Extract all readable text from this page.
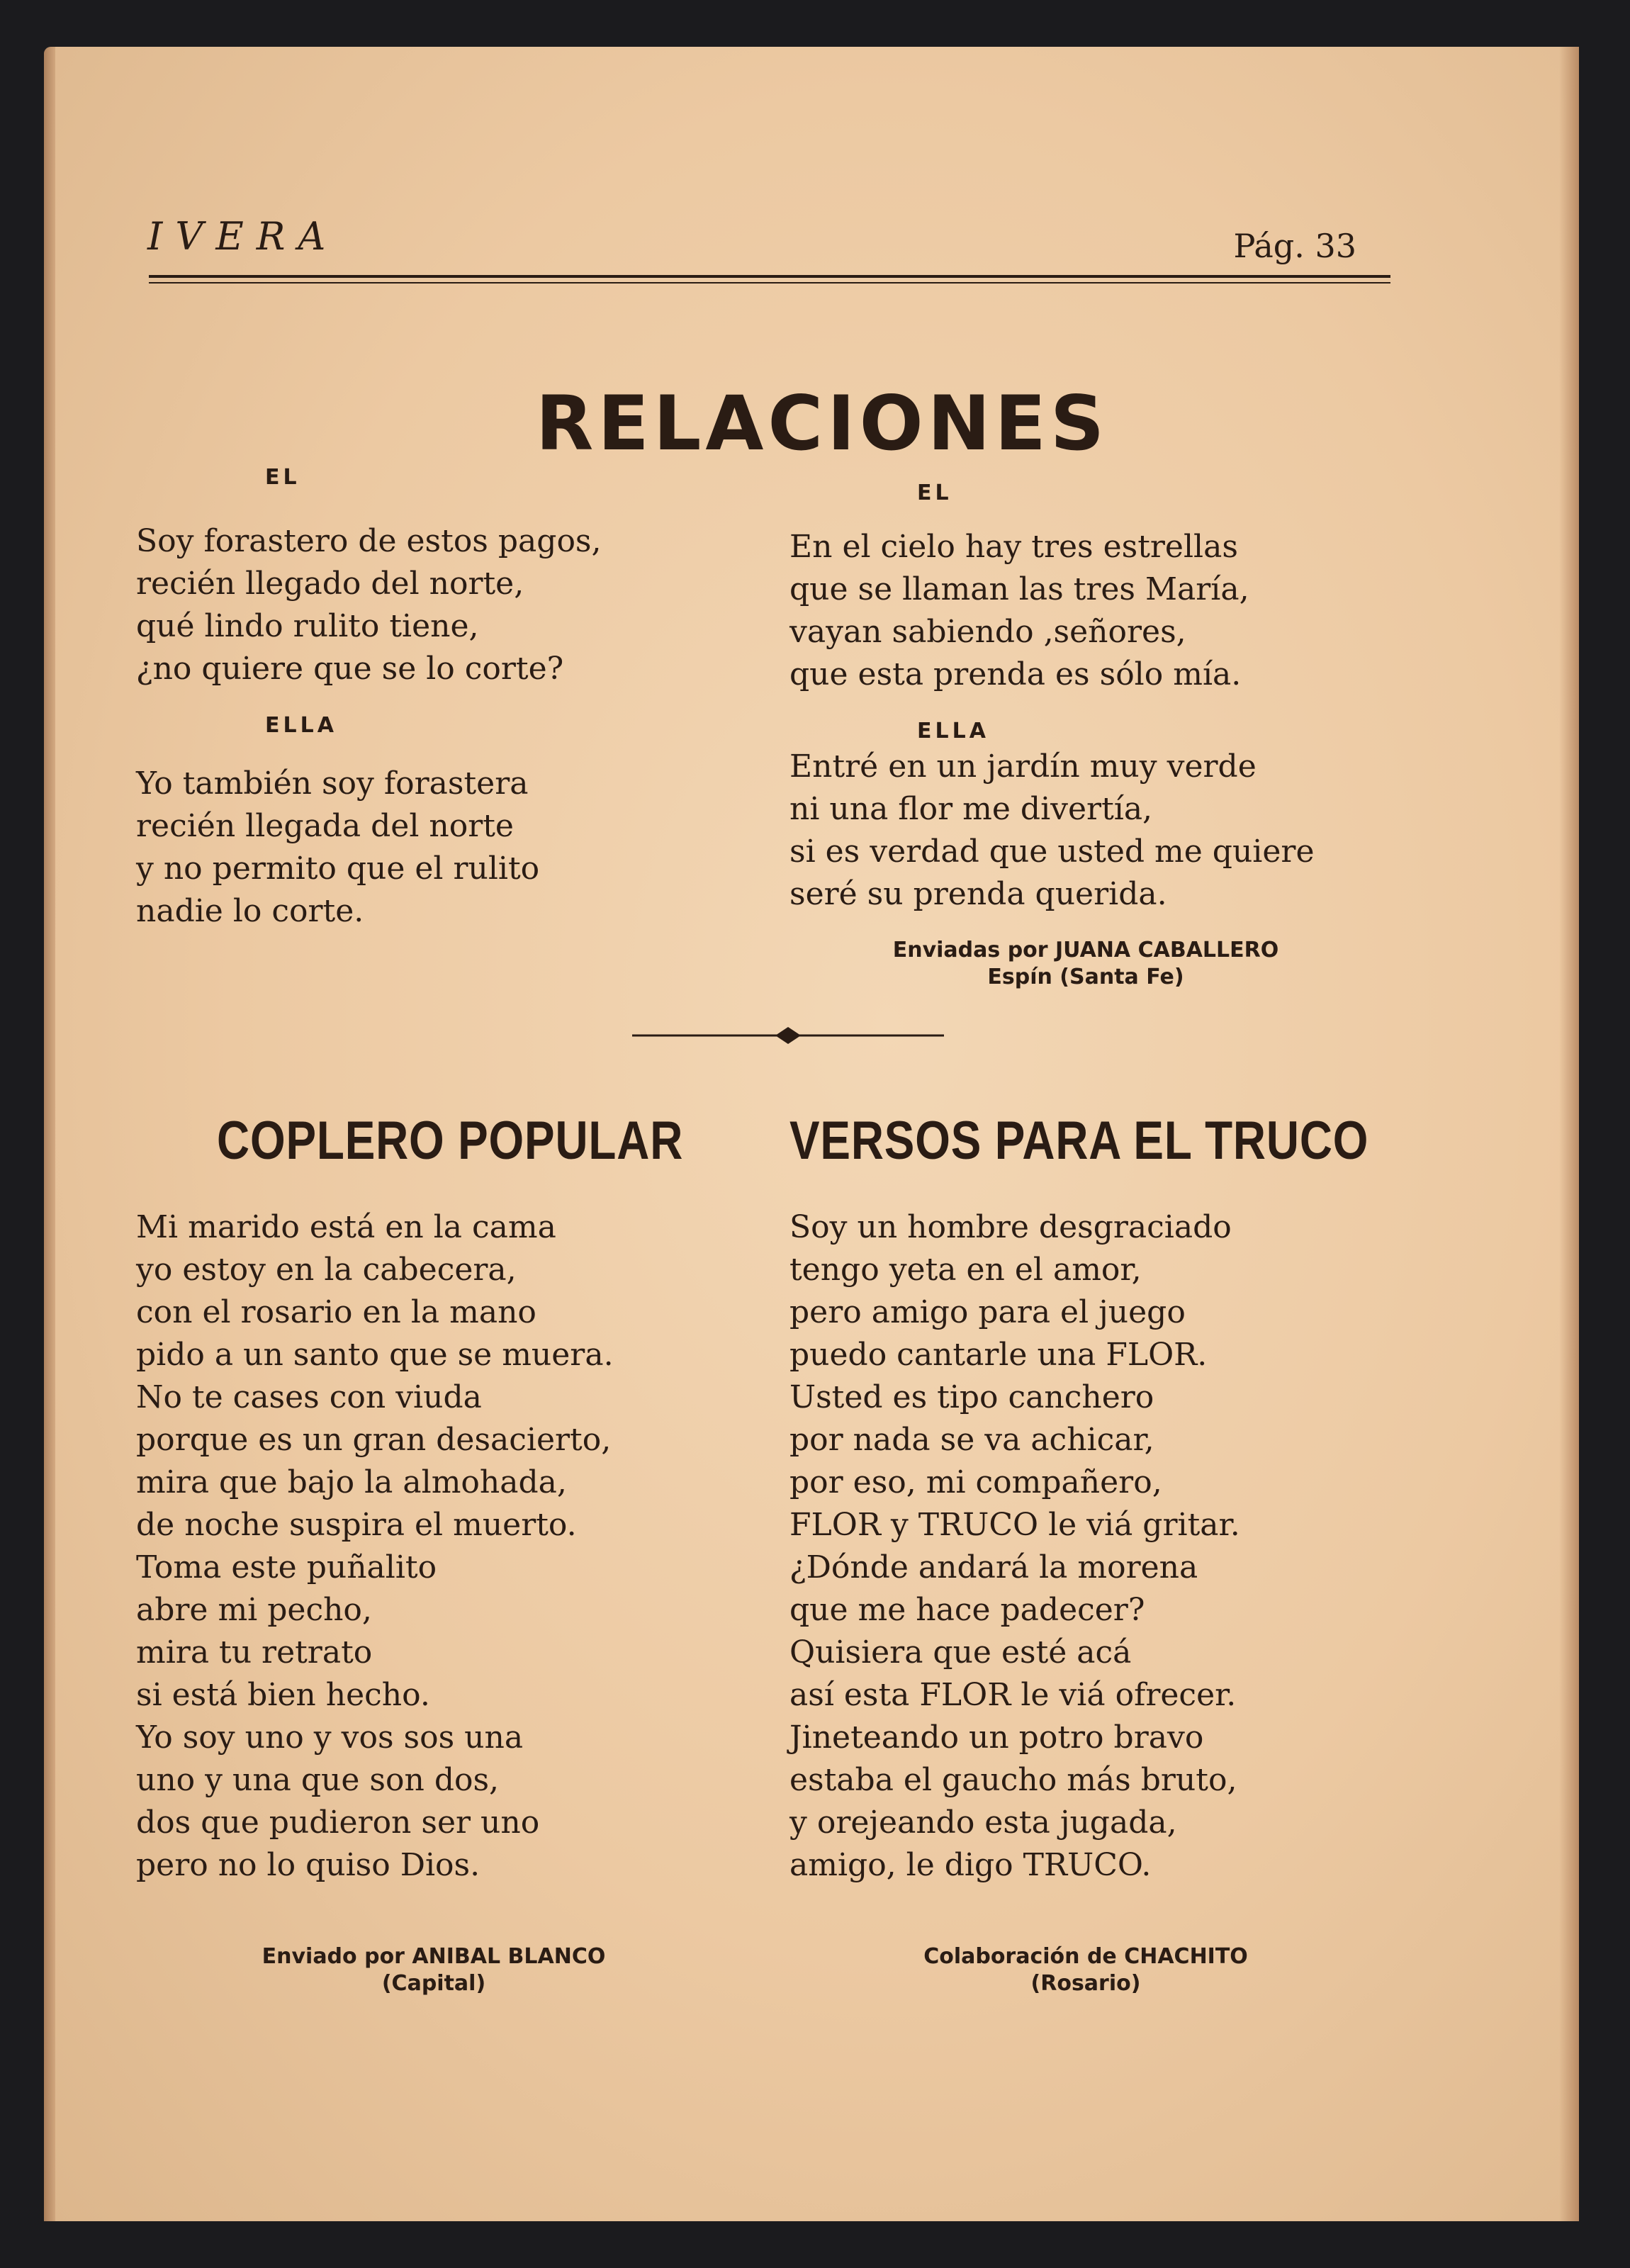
IVERA	Pág. 33
RELACIONES
EL
Soy forastero de estos pagos,
recién llegado del norte,
qué lindo rulito tiene,
¿no quiere que se lo corte?
ELLA
Yo también soy forastera
recién llegada del norte
y no permito que el rulito
nadie lo corte.
EL
En el cielo hay tres estrellas
que se llaman las tres María,
vayan sabiendo ,señores,
que esta prenda es sólo mía.
ELLA
Entré en un jardín muy verde
ni una flor me divertía,
si es verdad que usted me quiere
seré su prenda querida.
Enviadas por JUANA CABALLERO
Espín (Santa Fe)
COPLERO POPULAR
Mi marido está en la cama
yo estoy en la cabecera,
con el rosario en la mano
pido a un santo que se muera.
No te cases con viuda
porque es un gran desacierto,
mira que bajo la almohada,
de noche suspira el muerto.
Toma este puñalito
abre mi pecho,
mira tu retrato
si está bien hecho.
Yo soy uno y vos sos una
uno y una que son dos,
dos que pudieron ser uno
pero no lo quiso Dios.
Enviado por ANIBAL BLANCO
(Capital)
VERSOS PARA EL TRUCO
Soy un hombre desgraciado
tengo yeta en el amor,
pero amigo para el juego
puedo cantarle una FLOR.
Usted es tipo canchero
por nada se va achicar,
por eso, mi compañero,
FLOR y TRUCO le viá gritar.
¿Dónde andará la morena
que me hace padecer?
Quisiera que esté acá
así esta FLOR le viá ofrecer.
Jineteando un potro bravo
estaba el gaucho más bruto,
y orejeando esta jugada,
amigo, le digo TRUCO.
Colaboración de CHACHITO
(Rosario)
